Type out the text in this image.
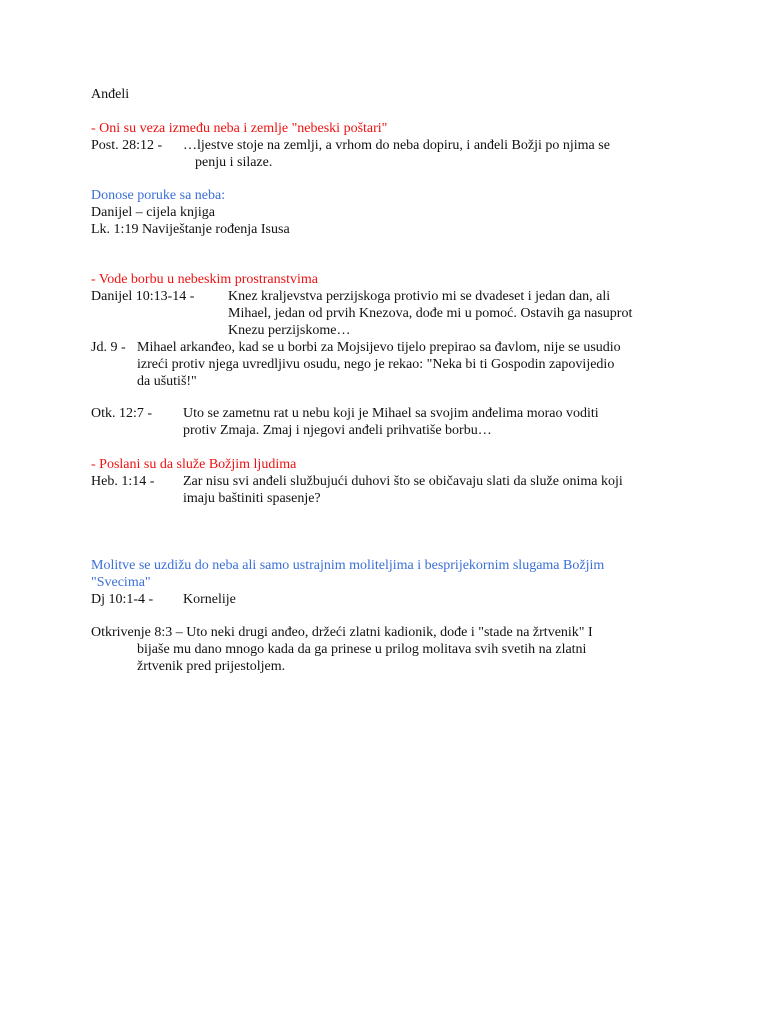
Anđeli
- Oni su veza između neba i zemlje "nebeski poštari"
Post. 28:12 - …ljestve stoje na zemlji, a vrhom do neba dopiru, i anđeli Božji po njima se
penju i silaze.
Donose poruke sa neba:
Danijel – cijela knjiga
Lk. 1:19 Naviještanje rođenja Isusa
- Vode borbu u nebeskim prostranstvima
Danijel 10:13-14 - Knez kraljevstva perzijskoga protivio mi se dvadeset i jedan dan, ali
Mihael, jedan od prvih Knezova, dođe mi u pomoć. Ostavih ga nasuprot
Knezu perzijskome…
Jd. 9 - Mihael arkanđeo, kad se u borbi za Mojsijevo tijelo prepirao sa đavlom, nije se usudio
izreći protiv njega uvredljivu osudu, nego je rekao: "Neka bi ti Gospodin zapovijedio
da ušutiš!"
Otk. 12:7 - Uto se zametnu rat u nebu koji je Mihael sa svojim anđelima morao voditi
protiv Zmaja. Zmaj i njegovi anđeli prihvatiše borbu…
- Poslani su da služe Božjim ljudima
Heb. 1:14 - Zar nisu svi anđeli službujući duhovi što se običavaju slati da služe onima koji
imaju baštiniti spasenje?
Molitve se uzdižu do neba ali samo ustrajnim moliteljima i besprijekornim slugama Božjim
"Svecima"
Dj 10:1-4 - Kornelije
Otkrivenje 8:3 – Uto neki drugi anđeo, držeći zlatni kadionik, dođe i "stade na žrtvenik" I
bijaše mu dano mnogo kada da ga prinese u prilog molitava svih svetih na zlatni
žrtvenik pred prijestoljem.
